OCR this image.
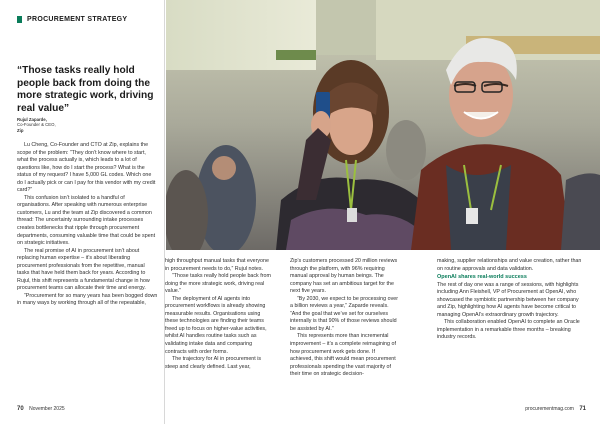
PROCUREMENT STRATEGY
“Those tasks really hold people back from doing the more strategic work, driving real value”
Rujul Zaparde,
Co-Founder & CEO,
Zip

Lu Cheng, Co-Founder and CTO at Zip, explains the scope of the problem: “They don’t know where to start, what the process actually is, which leads to a lot of questions like, how do I start the process? What is the status of my request? I have 5,000 GL codes. Which one do I actually pick or can I pay for this vendor with my credit card?”

This confusion isn’t isolated to a handful of organisations. After speaking with numerous enterprise customers, Lu and the team at Zip discovered a common thread: The uncertainty surrounding intake processes creates bottlenecks that ripple through procurement departments, consuming valuable time that could be spent on strategic initiatives.

The real promise of AI in procurement isn’t about replacing human expertise – it’s about liberating procurement professionals from the repetitive, manual tasks that have held them back for years. According to Rujul, this shift represents a fundamental change in how procurement teams can allocate their time and energy.

“Procurement for so many years has been bogged down in many ways by working through all of the repeatable,

high throughput manual tasks that everyone in procurement needs to do,” Rujul notes.

“Those tasks really hold people back from doing the more strategic work, driving real value.”

The deployment of AI agents into procurement workflows is already showing measurable results. Organisations using these technologies are finding their teams freed up to focus on higher-value activities, whilst AI handles routine tasks such as validating intake data and comparing contracts with order forms.

The trajectory for AI in procurement is steep and clearly defined. Last year,

Zip’s customers processed 20 million reviews through the platform, with 96% requiring manual approval by human beings. The company has set an ambitious target for the next five years.

“By 2030, we expect to be processing over a billion reviews a year,” Zaparde reveals. “And the goal that we’ve set for ourselves internally is that 90% of those reviews should be assisted by AI.”

This represents more than incremental improvement – it’s a complete reimagining of how procurement work gets done. If achieved, this shift would mean procurement professionals spending the vast majority of their time on strategic decision-

making, supplier relationships and value creation, rather than on routine approvals and data validation.

OpenAI shares real-world success

The rest of day one was a range of sessions, with highlights including Ann Fleishell, VP of Procurement at OpenAI, who showcased the symbiotic partnership between her company and Zip, highlighting how AI agents have become critical to managing OpenAI’s extraordinary growth trajectory.

This collaboration enabled OpenAI to complete an Oracle implementation in a remarkable three months – breaking industry records.

70 November 2025	procurementmag.com 71
